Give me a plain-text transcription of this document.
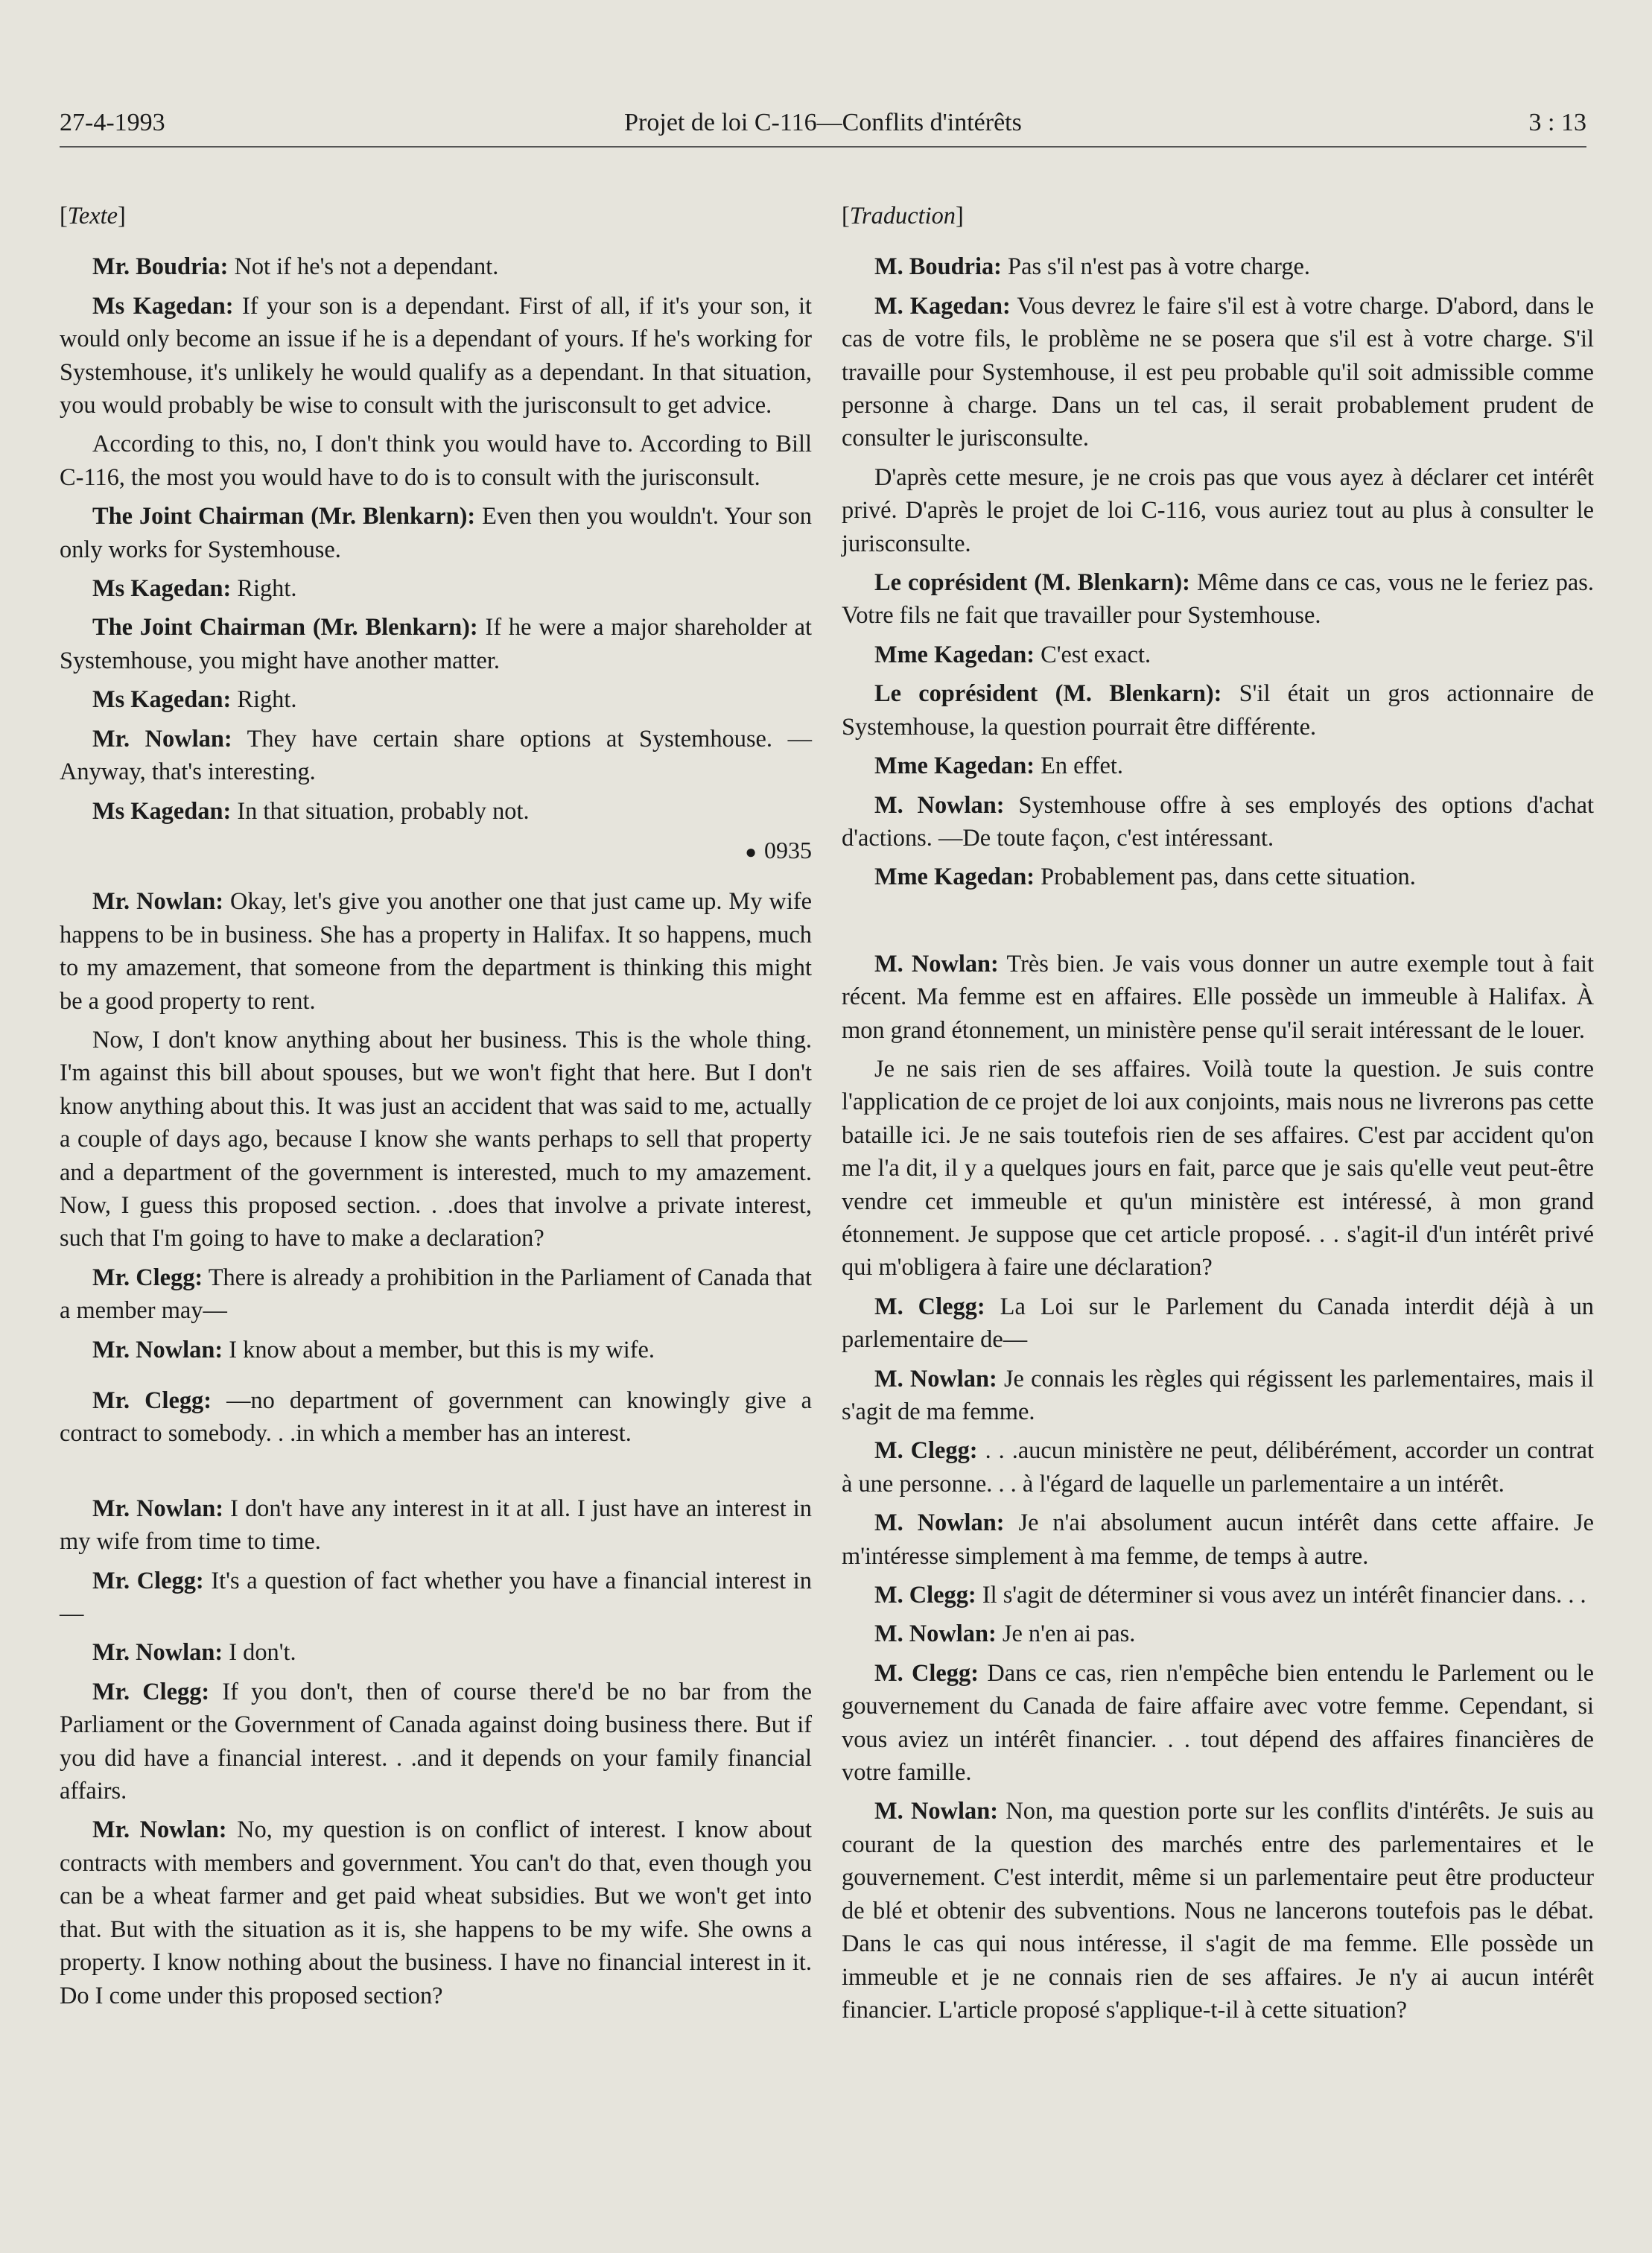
27-4-1993	Projet de loi C-116—Conflits d'intérêts	3 : 13
[ Texte ]

Mr. Boudria: Not if he's not a dependant.

Ms Kagedan: If your son is a dependant. First of all, if it's your son, it would only become an issue if he is a dependant of yours. If he's working for Systemhouse, it's unlikely he would qualify as a dependant. In that situation, you would probably be wise to consult with the jurisconsult to get advice.

According to this, no, I don't think you would have to. According to Bill C-116, the most you would have to do is to consult with the jurisconsult.

The Joint Chairman (Mr. Blenkarn): Even then you wouldn't. Your son only works for Systemhouse.

Ms Kagedan: Right.

The Joint Chairman (Mr. Blenkarn): If he were a major shareholder at Systemhouse, you might have another matter.

Ms Kagedan: Right.

Mr. Nowlan: They have certain share options at Systemhouse. —Anyway, that's interesting.

Ms Kagedan: In that situation, probably not.

● 0935

Mr. Nowlan: Okay, let's give you another one that just came up. My wife happens to be in business. She has a property in Halifax. It so happens, much to my amazement, that someone from the department is thinking this might be a good property to rent.

Now, I don't know anything about her business. This is the whole thing. I'm against this bill about spouses, but we won't fight that here. But I don't know anything about this. It was just an accident that was said to me, actually a couple of days ago, because I know she wants perhaps to sell that property and a department of the government is interested, much to my amazement. Now, I guess this proposed section. . .does that involve a private interest, such that I'm going to have to make a declaration?

Mr. Clegg: There is already a prohibition in the Parliament of Canada that a member may—

Mr. Nowlan: I know about a member, but this is my wife.

Mr. Clegg: —no department of government can knowingly give a contract to somebody. . .in which a member has an interest.

Mr. Nowlan: I don't have any interest in it at all. I just have an interest in my wife from time to time.

Mr. Clegg: It's a question of fact whether you have a financial interest in—

Mr. Nowlan: I don't.

Mr. Clegg: If you don't, then of course there'd be no bar from the Parliament or the Government of Canada against doing business there. But if you did have a financial interest. . .and it depends on your family financial affairs.

Mr. Nowlan: No, my question is on conflict of interest. I know about contracts with members and government. You can't do that, even though you can be a wheat farmer and get paid wheat subsidies. But we won't get into that. But with the situation as it is, she happens to be my wife. She owns a property. I know nothing about the business. I have no financial interest in it. Do I come under this proposed section?

[ Traduction ]

M. Boudria: Pas s'il n'est pas à votre charge.

M. Kagedan: Vous devrez le faire s'il est à votre charge. D'abord, dans le cas de votre fils, le problème ne se posera que s'il est à votre charge. S'il travaille pour Systemhouse, il est peu probable qu'il soit admissible comme personne à charge. Dans un tel cas, il serait probablement prudent de consulter le jurisconsulte.

D'après cette mesure, je ne crois pas que vous ayez à déclarer cet intérêt privé. D'après le projet de loi C-116, vous auriez tout au plus à consulter le jurisconsulte.

Le coprésident (M. Blenkarn): Même dans ce cas, vous ne le feriez pas. Votre fils ne fait que travailler pour Systemhouse.

Mme Kagedan: C'est exact.

Le coprésident (M. Blenkarn): S'il était un gros actionnaire de Systemhouse, la question pourrait être différente.

Mme Kagedan: En effet.

M. Nowlan: Systemhouse offre à ses employés des options d'achat d'actions. —De toute façon, c'est intéressant.

Mme Kagedan: Probablement pas, dans cette situation.

M. Nowlan: Très bien. Je vais vous donner un autre exemple tout à fait récent. Ma femme est en affaires. Elle possède un immeuble à Halifax. À mon grand étonnement, un ministère pense qu'il serait intéressant de le louer.

Je ne sais rien de ses affaires. Voilà toute la question. Je suis contre l'application de ce projet de loi aux conjoints, mais nous ne livrerons pas cette bataille ici. Je ne sais toutefois rien de ses affaires. C'est par accident qu'on me l'a dit, il y a quelques jours en fait, parce que je sais qu'elle veut peut-être vendre cet immeuble et qu'un ministère est intéressé, à mon grand étonnement. Je suppose que cet article proposé. . . s'agit-il d'un intérêt privé qui m'obligera à faire une déclaration?

M. Clegg: La Loi sur le Parlement du Canada interdit déjà à un parlementaire de—

M. Nowlan: Je connais les règles qui régissent les parlementaires, mais il s'agit de ma femme.

M. Clegg: . . .aucun ministère ne peut, délibérément, accorder un contrat à une personne. . . à l'égard de laquelle un parlementaire a un intérêt.

M. Nowlan: Je n'ai absolument aucun intérêt dans cette affaire. Je m'intéresse simplement à ma femme, de temps à autre.

M. Clegg: Il s'agit de déterminer si vous avez un intérêt financier dans. . .

M. Nowlan: Je n'en ai pas.

M. Clegg: Dans ce cas, rien n'empêche bien entendu le Parlement ou le gouvernement du Canada de faire affaire avec votre femme. Cependant, si vous aviez un intérêt financier. . . tout dépend des affaires financières de votre famille.

M. Nowlan: Non, ma question porte sur les conflits d'intérêts. Je suis au courant de la question des marchés entre des parlementaires et le gouvernement. C'est interdit, même si un parlementaire peut être producteur de blé et obtenir des subventions. Nous ne lancerons toutefois pas le débat. Dans le cas qui nous intéresse, il s'agit de ma femme. Elle possède un immeuble et je ne connais rien de ses affaires. Je n'y ai aucun intérêt financier. L'article proposé s'applique-t-il à cette situation?
